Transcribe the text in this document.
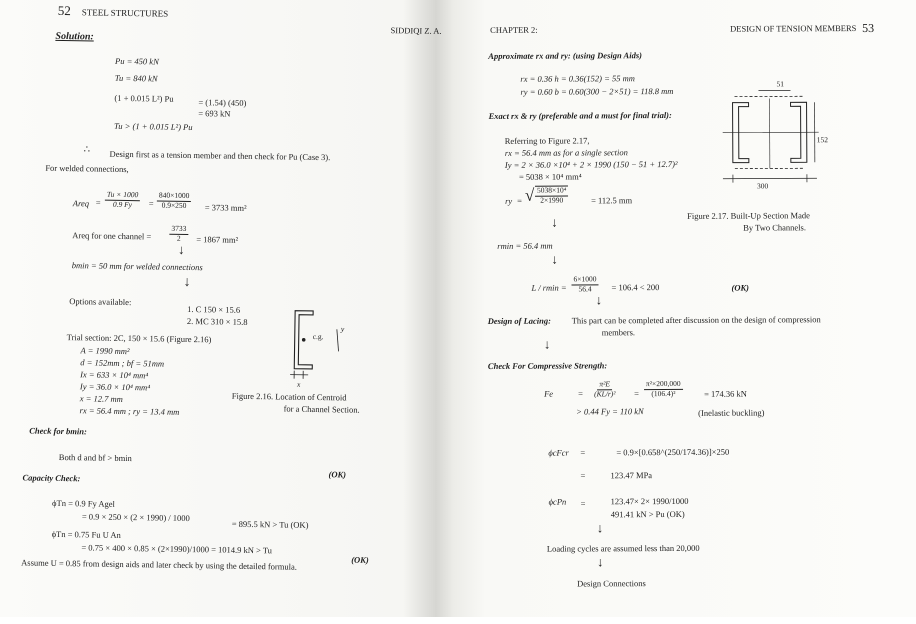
52 STEEL STRUCTURES
SIDDIQI Z. A.
Solution:
Pu = 450 kN
Tu = 840 kN
(1 + 0.015 L²) Pu	= (1.54) (450)
= 693 kN
Tu > (1 + 0.015 L²) Pu
∴ Design first as a tension member and then check for Pu (Case 3).
For welded connections,
Areq = $\frac{Tu \times 1000}{0.9 Fy} = \frac{840\times 1000}{0.9\times 250} = 3733$ mm²
Areq for one channel = $\frac{3733}{2} = 1867$ mm²
↓
bmin = 50 mm for welded connections
↓
Options available:
1. C 150 × 15.6
2. MC 310 × 15.8
Trial section: 2C, 150 × 15.6 (Figure 2.16)
A = 1990 mm²
d = 152mm ; bf = 51mm
Ix = 633 × 10⁴ mm⁴
Iy = 36.0 × 10⁴ mm⁴
x = 12.7 mm
rx = 56.4 mm ; ry = 13.4 mm
c.g.
y
x
Figure 2.16. Location of Centroid
for a Channel Section.
Check for bmin:
Both d and bf > bmin
(OK)
Capacity Check:
ϕTn = 0.9 Fy Agel
= 0.9 × 250 × (2 × 1990) / 1000
= 895.5 kN > Tu (OK)
ϕTn = 0.75 Fu U An
= 0.75 × 400 × 0.85 × (2×1990)/1000 = 1014.9 kN > Tu
(OK)
Assume U = 0.85 from design aids and later check by using the detailed formula.
CHAPTER 2:	DESIGN OF TENSION MEMBERS 53
Approximate rx and ry: (using Design Aids)
rx = 0.36 h = 0.36(152) = 55 mm
ry = 0.60 b = 0.60(300 − 2×51) = 118.8 mm
Exact rx & ry (preferable and a must for final trial):
Referring to Figure 2.17,
rx = 56.4 mm as for a single section
Iy = 2 × 36.0 ×10⁴ + 2 × 1990 (150 − 51 + 12.7)²
= 5038 × 10⁴ mm⁴
ry = √ $\frac{\text{5038×10⁴}}{2\times 1990}$	= 112.5 mm
↓
rmin = 56.4 mm
↓
$L / rmin = \frac{6\times 1000}{56.4} = 106.4 < 200$	(OK)
↓
Design of Lacing: This part can be completed after discussion on the design of compression
members.
↓
Check For Compressive Strength:
Fe	= $\frac{\text{π²E}}{\text{(KL/r)²}} = \frac{\text{π²×200,000}}{\text{(106.4)²}}$	= 174.36 kN
> 0.44 Fy = 110 kN	(Inelastic buckling)
ϕcFcr =	= 0.9×[0.658^(250/174.36)]×250
=	123.47 MPa
ϕcPn =	123.47× 2× 1990/1000
491.41 kN > Pu (OK)
↓
Loading cycles are assumed less than 20,000
↓
Design Connections
51
152
300
Figure 2.17. Built-Up Section Made
By Two Channels.
